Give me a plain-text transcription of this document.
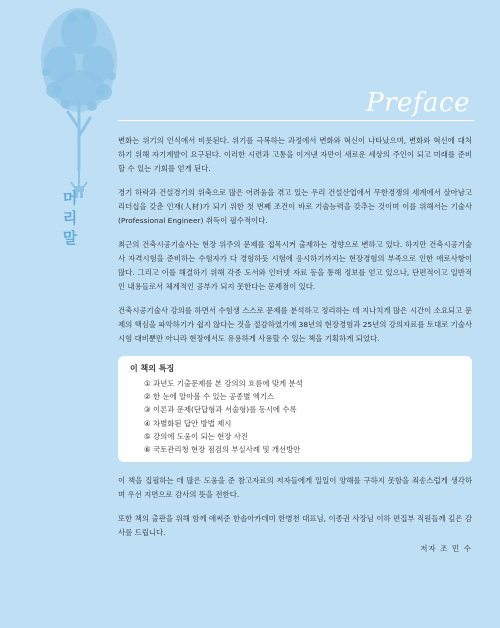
머
리
말
Preface

변화는 위기의 인식에서 비롯된다. 위기를 극복하는 과정에서 변화와 혁신이 나타났으며, 변화와 혁신에 대처하기 위해 자기계발이 요구된다. 이러한 시련과 고통을 이겨낸 자만이 새로운 세상의 주인이 되고 미래를 준비할 수 있는 기회를 얻게 된다.

경기 하락과 건설경기의 위축으로 많은 어려움을 겪고 있는 우리 건설산업에서 무한경쟁의 세계에서 살아남고 리더십을 갖춘 인재(人材)가 되기 위한 첫 번째 조건이 바로 기술능력을 갖추는 것이며 이를 위해서는 기술사(Professional Engineer) 취득이 필수적이다.

최근의 건축시공기술사는 현장 위주의 문제를 접목시켜 출제하는 경향으로 변하고 있다. 하지만 건축시공기술사 자격시험을 준비하는 수험자가 다 경험하듯 시험에 응시하기까지는 현장경험의 부족으로 인한 애로사항이 많다. 그리고 이를 해결하기 위해 각종 도서와 인터넷 자료 등을 통해 정보를 얻고 있으나, 단편적이고 일반적인 내용들로서 체계적인 공부가 되지 못한다는 문제점이 있다.

건축시공기술사 강의를 하면서 수험생 스스로 문제를 분석하고 정리하는 데 지나치게 많은 시간이 소요되고 문제의 핵심을 파악하기가 쉽지 않다는 것을 절감하였기에 38년의 현장경험과 25년의 강의자료를 토대로 기술사시험 대비뿐만 아니라 현장에서도 유용하게 사용할 수 있는 책을 기획하게 되었다.

이 책의 특징
① 과년도 기출문제를 본 강의의 흐름에 맞게 분석
② 한 눈에 알아볼 수 있는 공종별 엑기스
③ 이론과 문제(단답형과 서술형)를 동시에 수록
④ 차별화된 답안 방법 제시
⑤ 강의에 도움이 되는 현장 사진
⑥ 국토관리청 현장 점검의 부실사례 및 개선방안

이 책을 집필하는 데 많은 도움을 준 참고자료의 저자들에게 일일이 양해를 구하지 못함을 죄송스럽게 생각하며 우선 지면으로 감사의 뜻을 전한다.

또한 책의 출판을 위해 함께 애써준 한솔아카데미 한병천 대표님, 이종권 사장님 이하 편집부 직원들께 깊은 감사를 드립니다.

저자 조 민 수
